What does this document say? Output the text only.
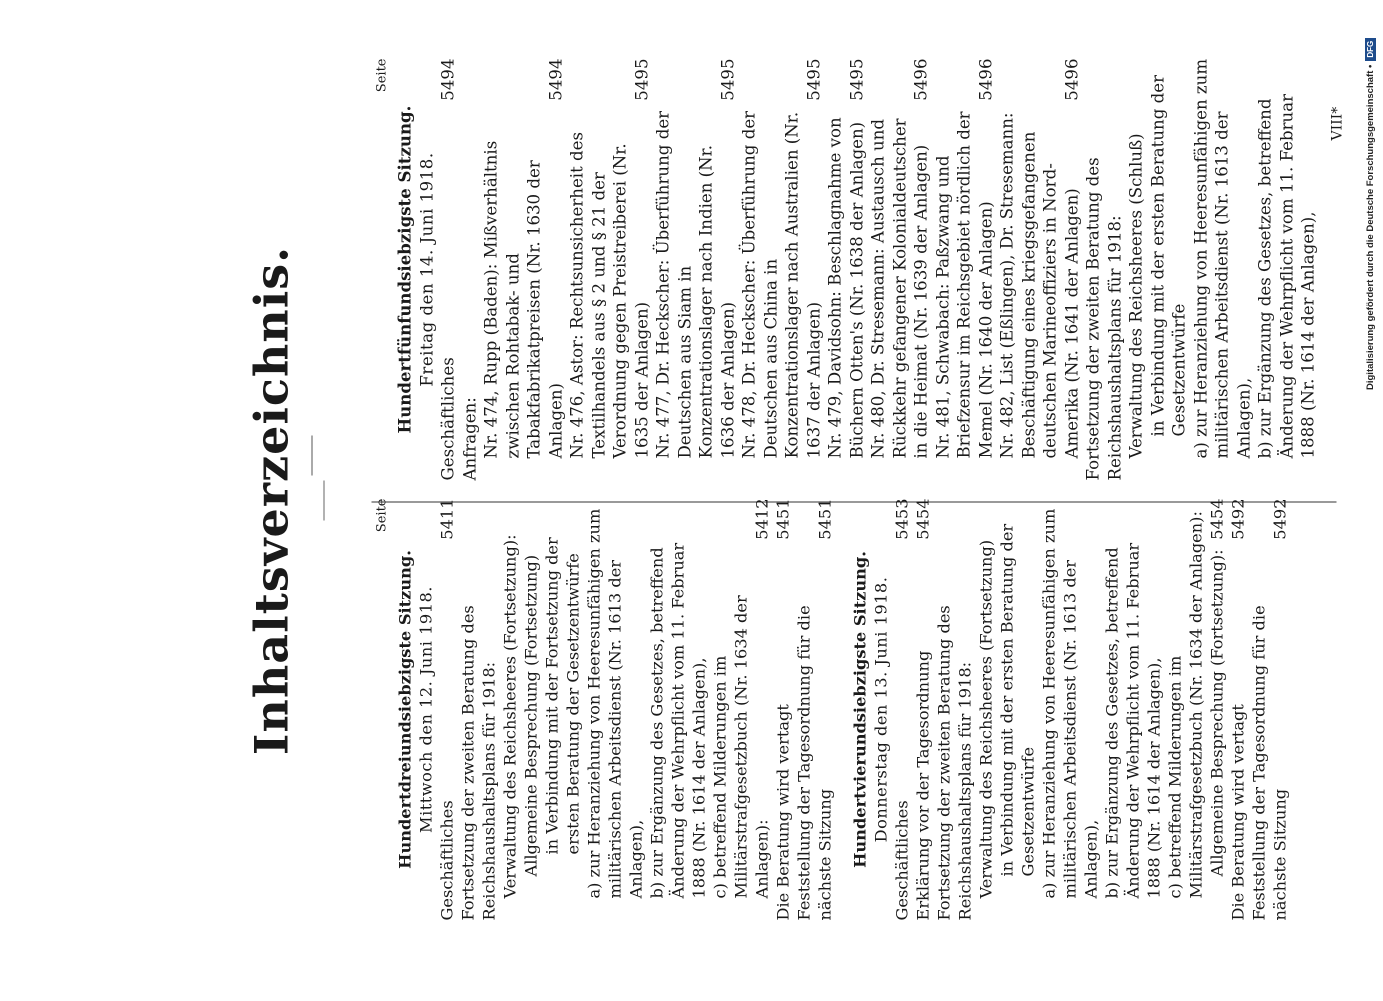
Inhaltsverzeichnis.	Seite
Hundertdreiundsiebzigste Sitzung. Mittwoch den 12. Juni 1918.
Geschäftliches
5411
Fortsetzung der zweiten Beratung des Reichshaushaltsplans für 1918: Verwaltung des Reichsheeres (Fortsetzung): Allgemeine Besprechung (Fortsetzung) in Verbindung mit der Fortsetzung der ersten Beratung der Gesetzentwürfe a) zur Heranziehung von Heeresunfähigen zum militärischen Arbeitsdienst (Nr. 1613 der Anlagen), b) zur Ergänzung des Gesetzes, betreffend Änderung der Wehrpflicht vom 11. Februar 1888 (Nr. 1614 der Anlagen), c) betreffend Milderungen im Militärstrafgesetzbuch (Nr. 1634 der Anlagen):
5412
Die Beratung wird vertagt
5451
Feststellung der Tagesordnung für die nächste Sitzung
5451
Hundertvierundsiebzigste Sitzung. Donnerstag den 13. Juni 1918.
Geschäftliches
5453
Erklärung vor der Tagesordnung
5454
Fortsetzung der zweiten Beratung des Reichshaushaltsplans für 1918: Verwaltung des Reichsheeres (Fortsetzung) in Verbindung mit der ersten Beratung der Gesetzentwürfe a) zur Heranziehung von Heeresunfähigen zum militärischen Arbeitsdienst (Nr. 1613 der Anlagen), b) zur Ergänzung des Gesetzes, betreffend Änderung der Wehrpflicht vom 11. Februar 1888 (Nr. 1614 der Anlagen), c) betreffend Milderungen im Militärstrafgesetzbuch (Nr. 1634 der Anlagen): Allgemeine Besprechung (Fortsetzung):
5454
Die Beratung wird vertagt
5492
Feststellung der Tagesordnung für die nächste Sitzung
5492
Seite
Hundertfünfundsiebzigste Sitzung. Freitag den 14. Juni 1918.
Geschäftliches
5494
Anfragen: Nr. 474, Rupp (Baden): Mißverhältnis zwischen Rohtabak- und Tabakfabrikatpreisen (Nr. 1630 der Anlagen)
5494
Nr. 476, Astor: Rechtsunsicherheit des Textilhandels aus § 2 und § 21 der Verordnung gegen Preistreiberei (Nr. 1635 der Anlagen)
5495
Nr. 477, Dr. Heckscher: Überführung der Deutschen aus Siam in Konzentrationslager nach Indien (Nr. 1636 der Anlagen)
5495
Nr. 478, Dr. Heckscher: Überführung der Deutschen aus China in Konzentrationslager nach Australien (Nr. 1637 der Anlagen)
5495
Nr. 479, Davidsohn: Beschlagnahme von Büchern Otten's (Nr. 1638 der Anlagen)
5495
Nr. 480, Dr. Stresemann: Austausch und Rückkehr gefangener Kolonialdeutscher in die Heimat (Nr. 1639 der Anlagen)
5496
Nr. 481, Schwabach: Paßzwang und Briefzensur im Reichsgebiet nördlich der Memel (Nr. 1640 der Anlagen)
5496
Nr. 482, List (Eßlingen), Dr. Stresemann: Beschäftigung eines kriegsgefangenen deutschen Marineoffiziers in Nord-Amerika (Nr. 1641 der Anlagen)
5496
Fortsetzung der zweiten Beratung des Reichshaushaltsplans für 1918: Verwaltung des Reichsheeres (Schluß) in Verbindung mit der ersten Beratung der Gesetzentwürfe a) zur Heranziehung von Heeresunfähigen zum militärischen Arbeitsdienst (Nr. 1613 der Anlagen), b) zur Ergänzung des Gesetzes, betreffend Änderung der Wehrpflicht vom 11. Februar 1888 (Nr. 1614 der Anlagen),
VIII* Digitalisierung gefördert durch die Deutsche Forschungsgemeinschaft •
DFG
